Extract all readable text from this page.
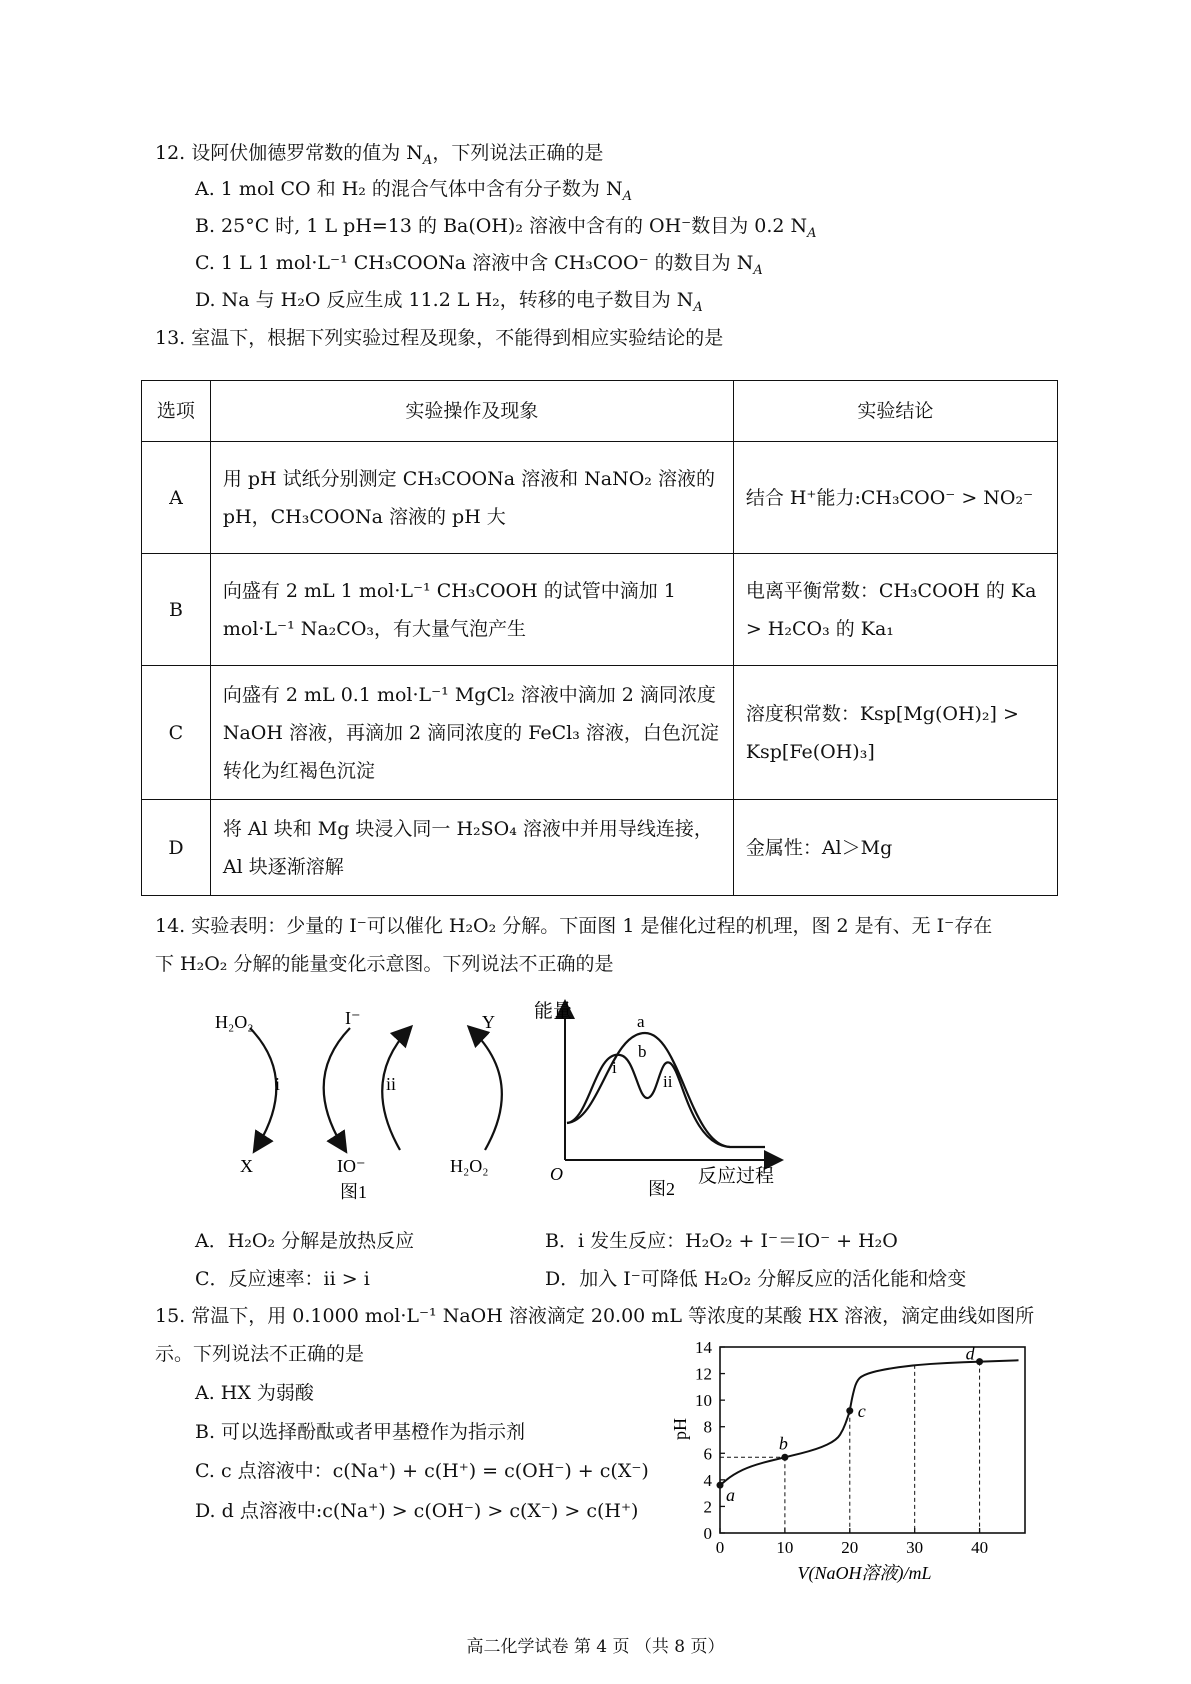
12. 设阿伏伽德罗常数的值为 $N_A$，下列说法正确的是
A. 1 mol CO 和 H₂ 的混合气体中含有分子数为 $N_A$
B. 25°C 时, 1 L pH=13 的 Ba(OH)₂ 溶液中含有的 OH⁻数目为 0.2 $N_A$
C. 1 L 1 mol·L⁻¹ CH₃COONa 溶液中含 CH₃COO⁻ 的数目为 $N_A$
D. Na 与 H₂O 反应生成 11.2 L H₂，转移的电子数目为 $N_A$
13. 室温下，根据下列实验过程及现象，不能得到相应实验结论的是
选项	实验操作及现象	实验结论
A	用 pH 试纸分别测定 CH₃COONa 溶液和 NaNO₂ 溶液的 pH，CH₃COONa 溶液的 pH 大	结合 H⁺能力:CH₃COO⁻ > NO₂⁻
B	向盛有 2 mL 1 mol·L⁻¹ CH₃COOH 的试管中滴加 1 mol·L⁻¹ Na₂CO₃，有大量气泡产生	电离平衡常数：CH₃COOH 的 Ka > H₂CO₃ 的 Ka₁
C	向盛有 2 mL 0.1 mol·L⁻¹ MgCl₂ 溶液中滴加 2 滴同浓度 NaOH 溶液，再滴加 2 滴同浓度的 FeCl₃ 溶液，白色沉淀转化为红褐色沉淀	溶度积常数：Ksp[Mg(OH)₂] > Ksp[Fe(OH)₃]
D	将 Al 块和 Mg 块浸入同一 H₂SO₄ 溶液中并用导线连接，Al 块逐渐溶解	金属性：Al＞Mg
14. 实验表明：少量的 I⁻可以催化 H₂O₂ 分解。下面图 1 是催化过程的机理，图 2 是有、无 I⁻存在
下 H₂O₂ 分解的能量变化示意图。下列说法不正确的是
H₂O₂	I⁻	Y
i	ii
X	IO⁻	H₂O₂
图1
能量	a
b
i
ii
O	反应过程
图2
A．H₂O₂ 分解是放热反应	B．i 发生反应：H₂O₂ + I⁻＝IO⁻ + H₂O
C．反应速率：ii > i	D．加入 I⁻可降低 H₂O₂ 分解反应的活化能和焓变
15. 常温下，用 0.1000 mol·L⁻¹ NaOH 溶液滴定 20.00 mL 等浓度的某酸 HX 溶液，滴定曲线如图所
示。下列说法不正确的是
A. HX 为弱酸
B. 可以选择酚酞或者甲基橙作为指示剂
C. c 点溶液中：c(Na⁺) + c(H⁺) = c(OH⁻) + c(X⁻)
D. d 点溶液中:c(Na⁺) > c(OH⁻) > c(X⁻) > c(H⁺)
0
2
4
6
8
10
12
14
0	10	20	30	40
a
b
c
d
pH
V(NaOH溶液)/mL
高二化学试卷 第 4 页 （共 8 页）
